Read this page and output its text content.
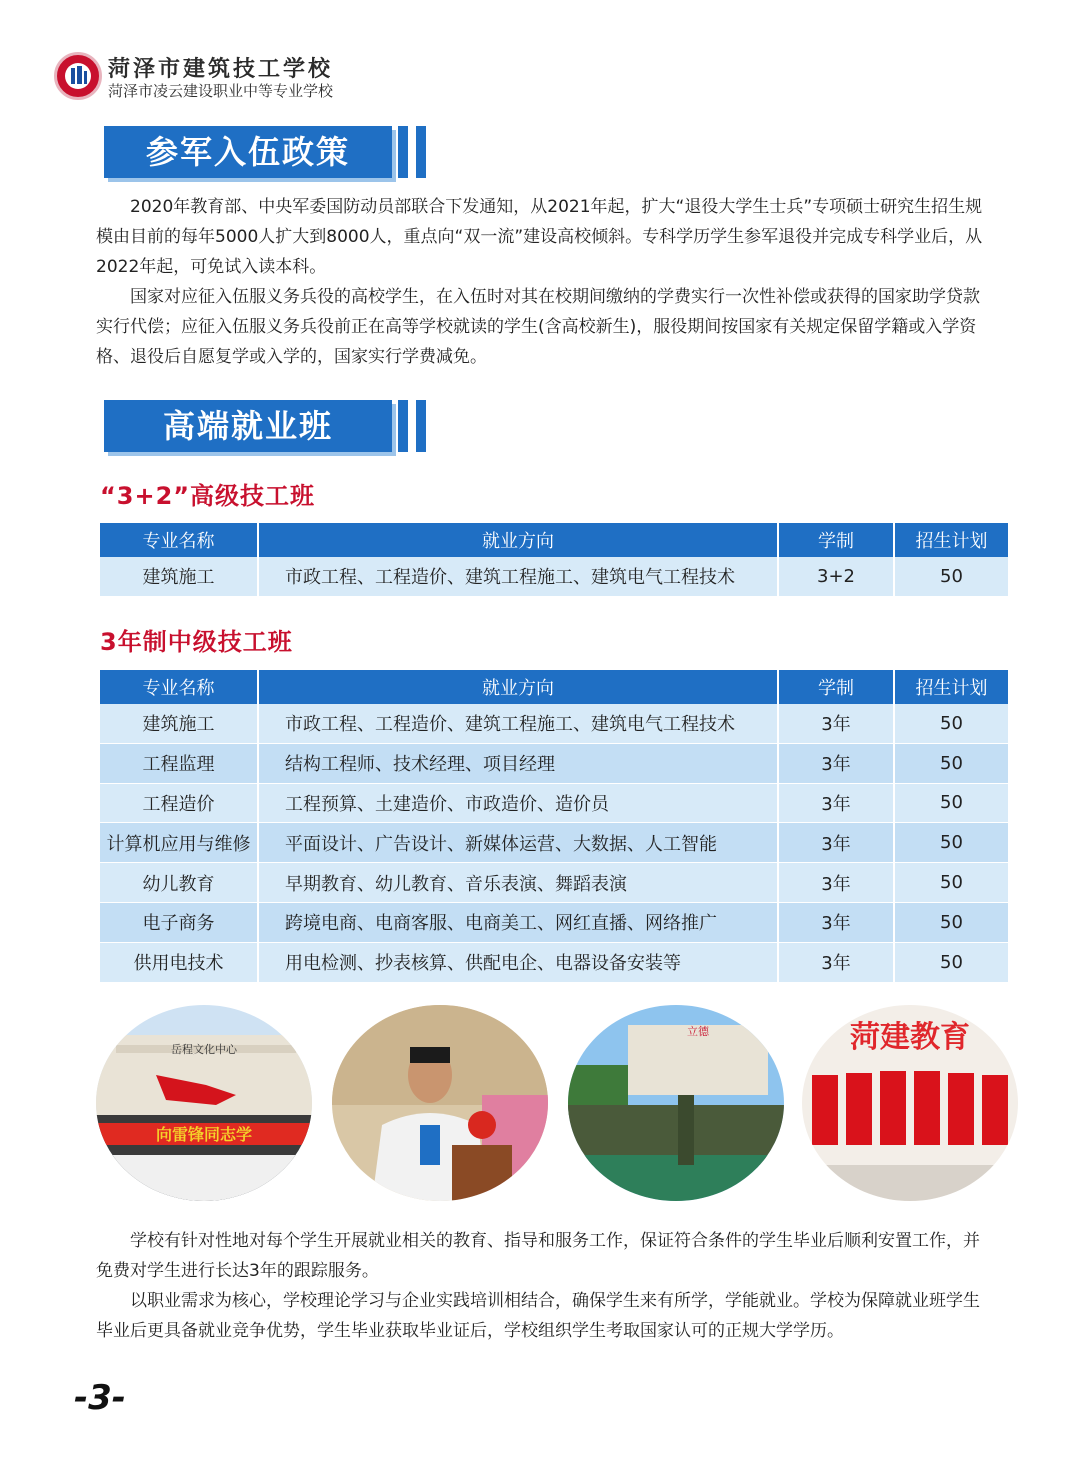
菏泽市建筑技工学校
菏泽市凌云建设职业中等专业学校
参军入伍政策

2020年教育部、中央军委国防动员部联合下发通知，从2021年起，扩大“退役大学生士兵”专项硕士研究生招生规模由目前的每年5000人扩大到8000人，重点向“双一流”建设高校倾斜。专科学历学生参军退役并完成专科学业后，从2022年起，可免试入读本科。

国家对应征入伍服义务兵役的高校学生，在入伍时对其在校期间缴纳的学费实行一次性补偿或获得的国家助学贷款实行代偿；应征入伍服义务兵役前正在高等学校就读的学生(含高校新生)，服役期间按国家有关规定保留学籍或入学资格、退役后自愿复学或入学的，国家实行学费减免。

高端就业班
“3+2”高级技工班
专业名称	就业方向	学制	招生计划
建筑施工	市政工程、工程造价、建筑工程施工、建筑电气工程技术	3+2	50
3年制中级技工班
专业名称	就业方向	学制	招生计划
建筑施工	市政工程、工程造价、建筑工程施工、建筑电气工程技术	3年	50
工程监理	结构工程师、技术经理、项目经理	3年	50
工程造价	工程预算、土建造价、市政造价、造价员	3年	50
计算机应用与维修	平面设计、广告设计、新媒体运营、大数据、人工智能	3年	50
幼儿教育	早期教育、幼儿教育、音乐表演、舞蹈表演	3年	50
电子商务	跨境电商、电商客服、电商美工、网红直播、网络推广	3年	50
供用电技术	用电检测、抄表核算、供配电企、电器设备安装等	3年	50
岳程文化中心
向雷锋同志学
立德	菏建教育

学校有针对性地对每个学生开展就业相关的教育、指导和服务工作，保证符合条件的学生毕业后顺利安置工作，并免费对学生进行长达3年的跟踪服务。

以职业需求为核心，学校理论学习与企业实践培训相结合，确保学生来有所学，学能就业。学校为保障就业班学生毕业后更具备就业竞争优势，学生毕业获取毕业证后，学校组织学生考取国家认可的正规大学学历。

-3-
